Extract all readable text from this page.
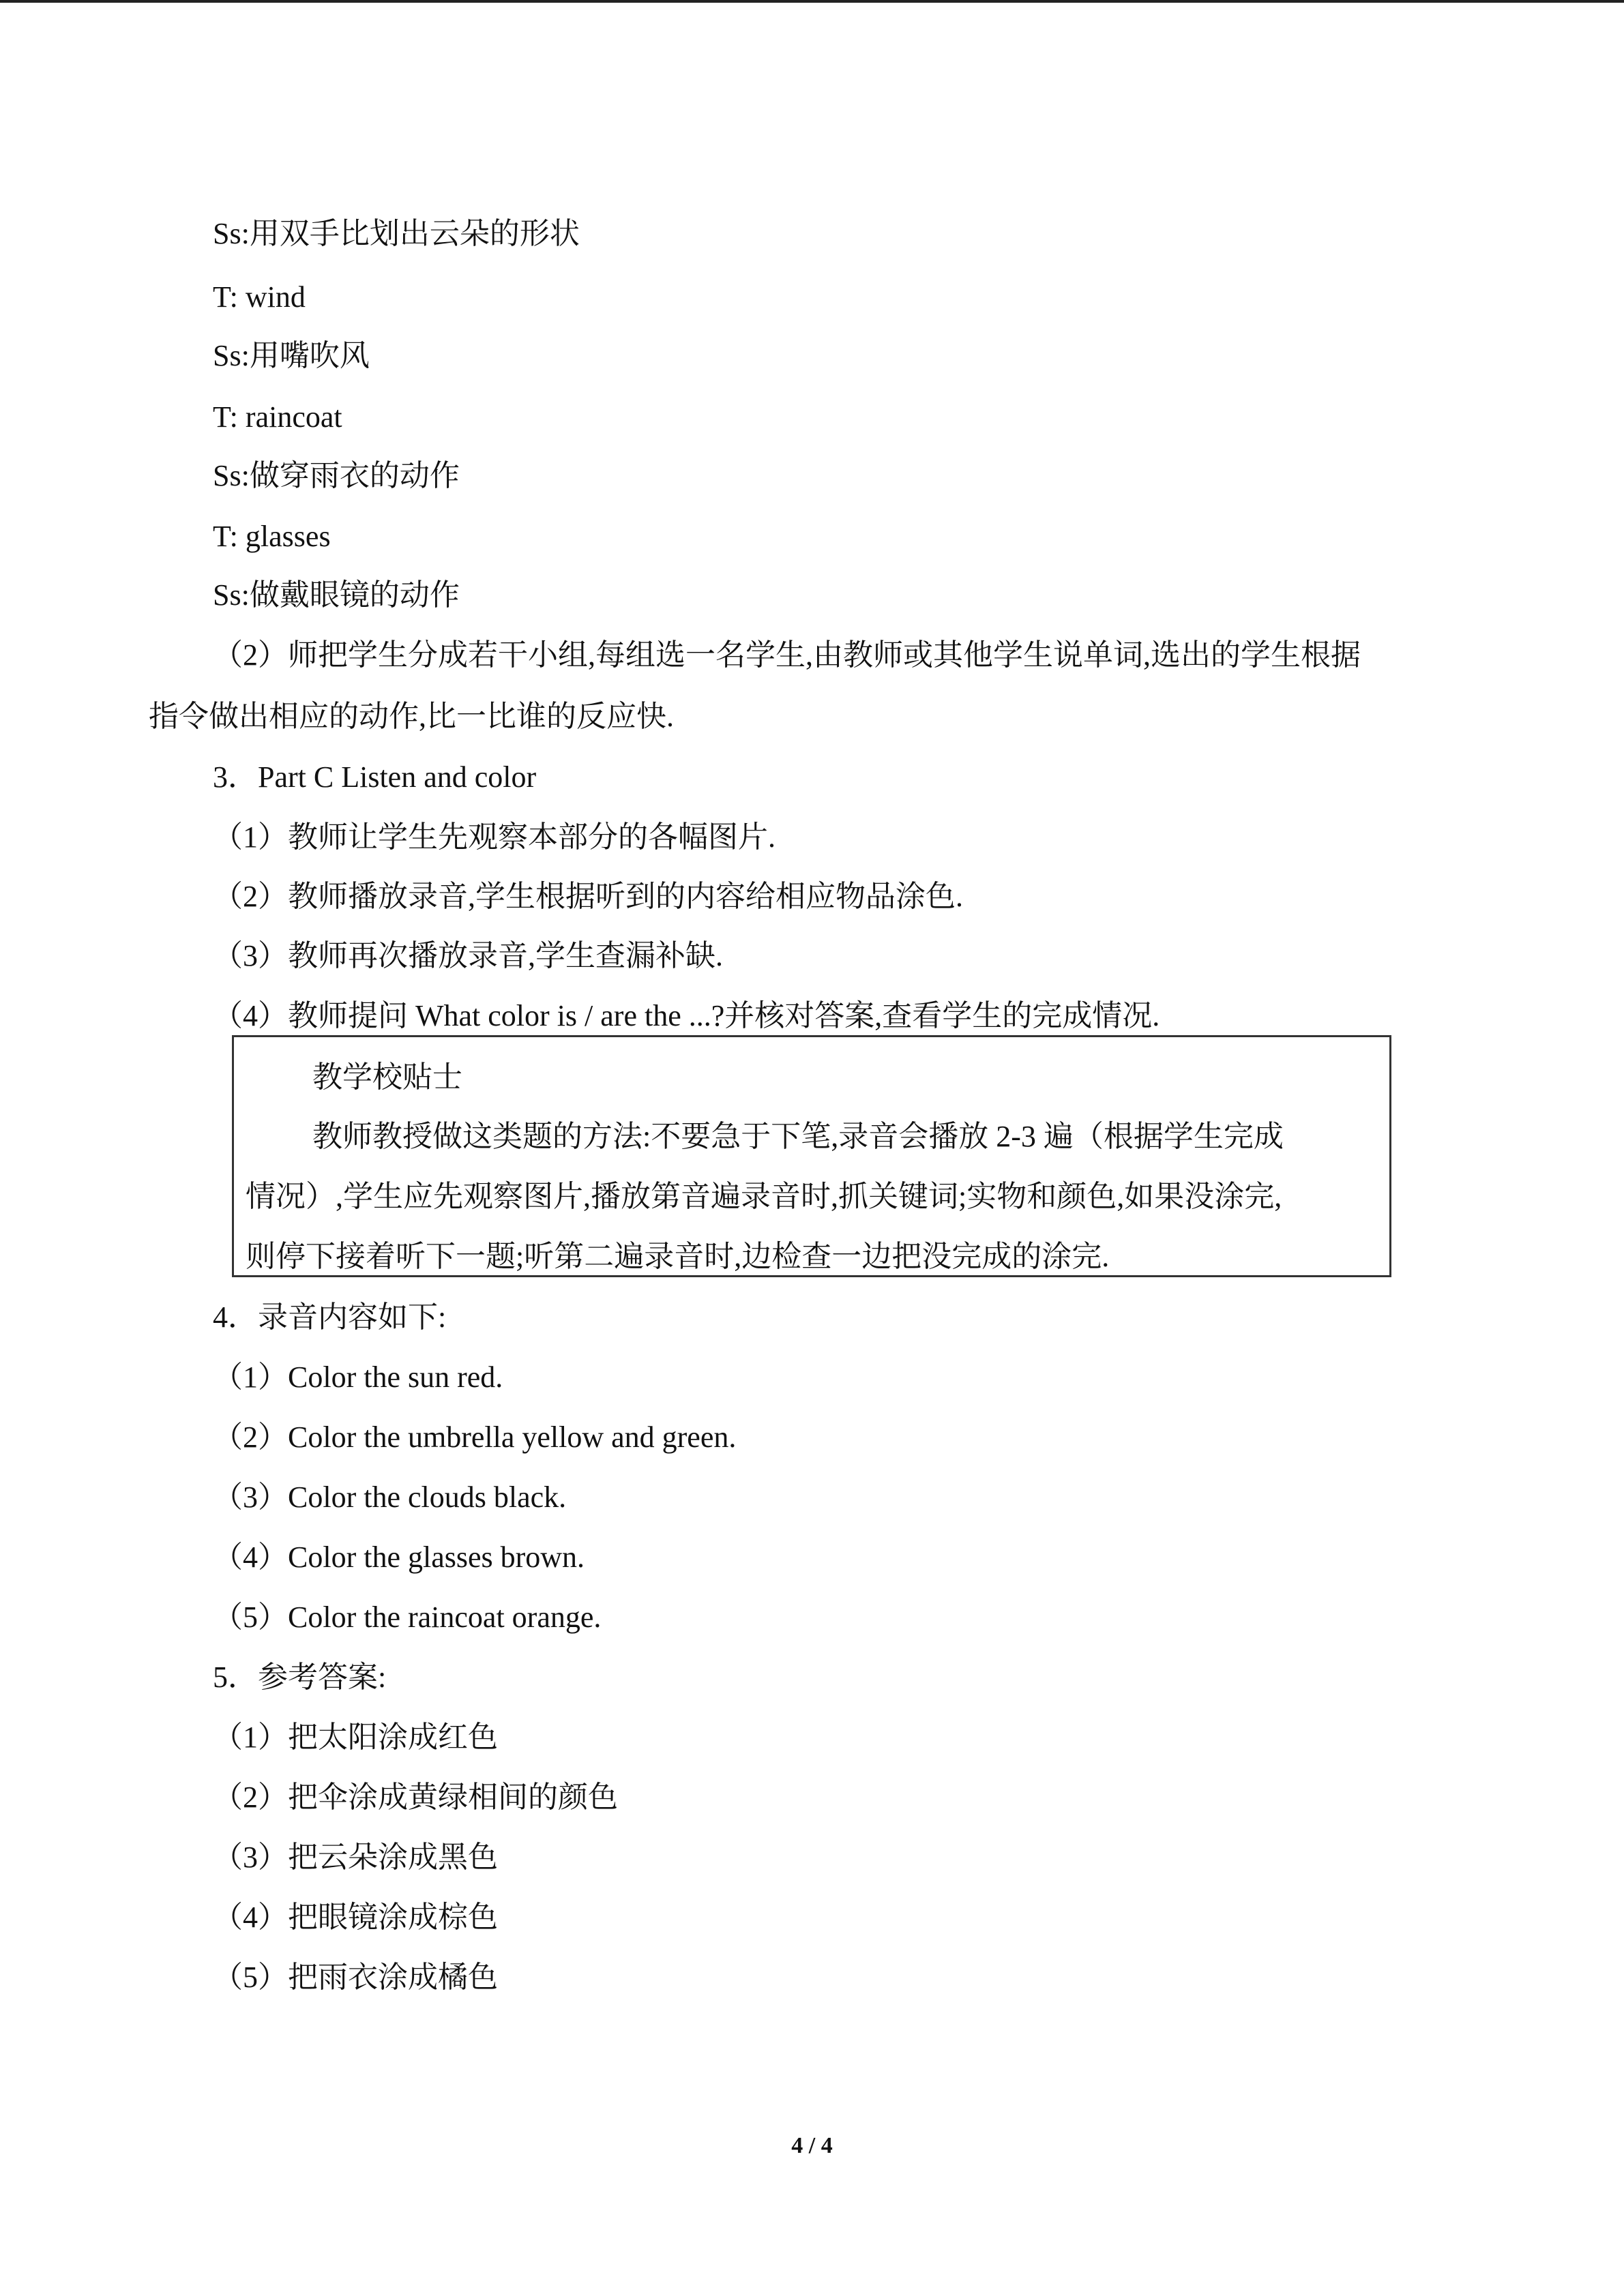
Ss:用双手比划出云朵的形状
T: wind
Ss:用嘴吹风
T: raincoat
Ss:做穿雨衣的动作
T: glasses
Ss:做戴眼镜的动作
（2）师把学生分成若干小组,每组选一名学生,由教师或其他学生说单词,选出的学生根据
指令做出相应的动作,比一比谁的反应快.
3．Part C Listen and color
（1）教师让学生先观察本部分的各幅图片.
（2）教师播放录音,学生根据听到的内容给相应物品涂色.
（3）教师再次播放录音,学生查漏补缺.
（4）教师提问 What color is / are the ...?并核对答案,查看学生的完成情况.
教学校贴士
教师教授做这类题的方法:不要急于下笔,录音会播放 2-3 遍（根据学生完成
情况）,学生应先观察图片,播放第音遍录音时,抓关键词;实物和颜色,如果没涂完,
则停下接着听下一题;听第二遍录音时,边检查一边把没完成的涂完.
4．录音内容如下:
（1）Color the sun red.
（2）Color the umbrella yellow and green.
（3）Color the clouds black.
（4）Color the glasses brown.
（5）Color the raincoat orange.
5．参考答案:
（1）把太阳涂成红色
（2）把伞涂成黄绿相间的颜色
（3）把云朵涂成黑色
（4）把眼镜涂成棕色
（5）把雨衣涂成橘色
4 / 4
